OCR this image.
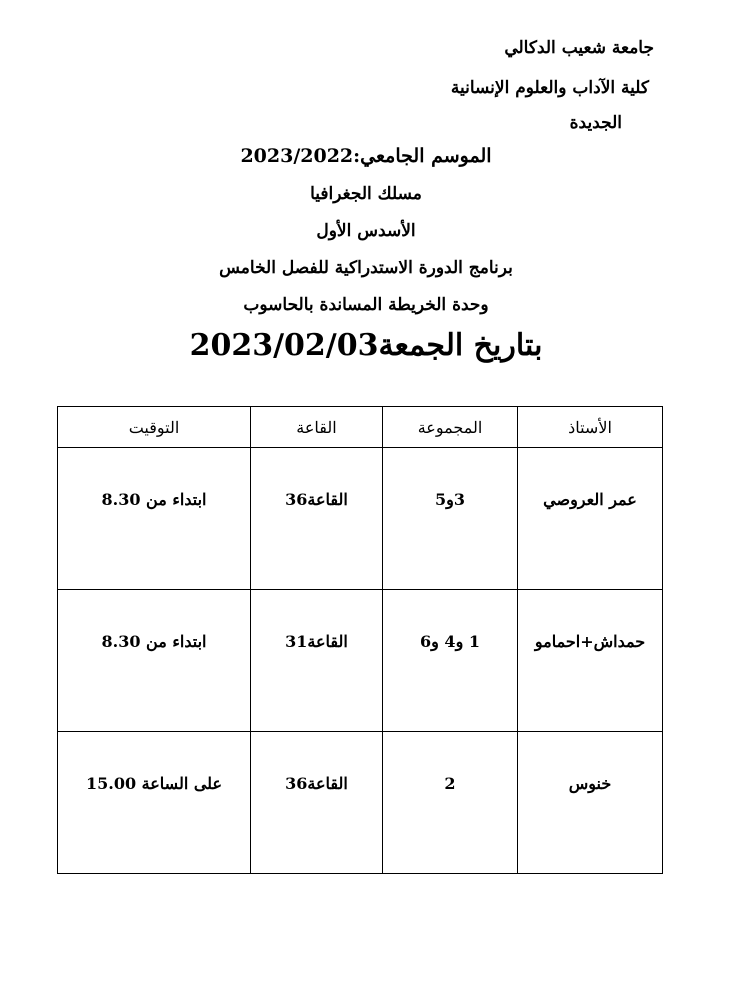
جامعة شعيب الدكالي
كلية الآداب والعلوم الإنسانية
الجديدة
الموسم الجامعي:2023/2022
مسلك الجغرافيا
الأسدس الأول
برنامج الدورة الاستدراكية للفصل الخامس
وحدة الخريطة المساندة بالحاسوب
بتاريخ الجمعة2023/02/03
الأستاذ	المجموعة	القاعة	التوقيت
عمر العروصي	3و5	القاعة36	ابتداء من 8.30
حمداش+احمامو	1 و4 و6	القاعة31	ابتداء من 8.30
خنوس	2	القاعة36	على الساعة 15.00
